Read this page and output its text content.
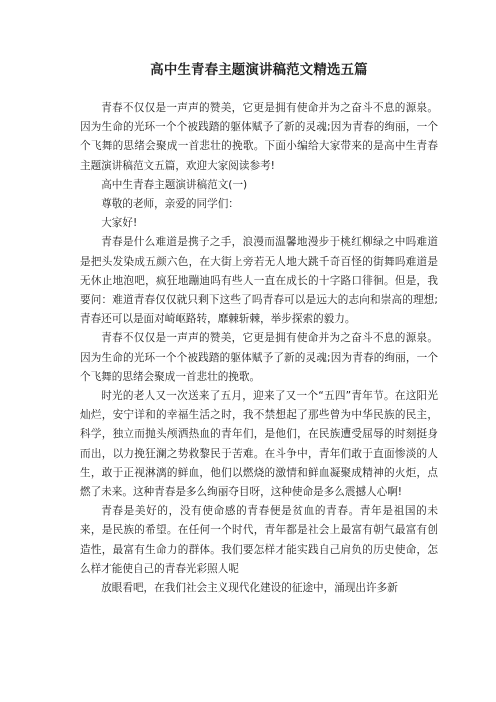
高中生青春主题演讲稿范文精选五篇

青春不仅仅是一声声的赞美，它更是拥有使命并为之奋斗不息的源泉。因为生命的光环一个个被践踏的躯体赋予了新的灵魂;因为青春的绚丽，一个个飞舞的思绪会聚成一首悲壮的挽歌。下面小编给大家带来的是高中生青春主题演讲稿范文五篇，欢迎大家阅读参考!

高中生青春主题演讲稿范文(一)

尊敬的老师，亲爱的同学们：

大家好!

青春是什么难道是携子之手，浪漫而温馨地漫步于桃红柳绿之中吗难道是把头发染成五颜六色，在大街上旁若无人地大跳千奇百怪的街舞吗难道是无休止地泡吧，疯狂地蹦迪吗有些人一直在成长的十字路口徘徊。但是，我要问：难道青春仅仅就只剩下这些了吗青春可以是远大的志向和崇高的理想;青春还可以是面对崎岖路转，靡棘斩棘，举步探索的毅力。

青春不仅仅是一声声的赞美，它更是拥有使命并为之奋斗不息的源泉。因为生命的光环一个个被践踏的躯体赋予了新的灵魂;因为青春的绚丽，一个个飞舞的思绪会聚成一首悲壮的挽歌。

时光的老人又一次送来了五月，迎来了又一个“五四”青年节。在这阳光灿烂，安宁详和的幸福生活之时，我不禁想起了那些曾为中华民族的民主，科学，独立而抛头颅洒热血的青年们，是他们，在民族遭受屈辱的时刻挺身而出，以力挽狂澜之势救黎民于苦难。在斗争中，青年们敢于直面惨淡的人生，敢于正视淋漓的鲜血，他们以燃烧的激情和鲜血凝聚成精神的火炬，点燃了未来。这种青春是多么绚丽夺目呀，这种使命是多么震撼人心啊!

青春是美好的，没有使命感的青春便是贫血的青春。青年是祖国的未来，是民族的希望。在任何一个时代，青年都是社会上最富有朝气最富有创造性，最富有生命力的群体。我们要怎样才能实践自己肩负的历史使命，怎么样才能使自己的青春光彩照人呢

放眼看吧，在我们社会主义现代化建设的征途中，涌现出许多新
